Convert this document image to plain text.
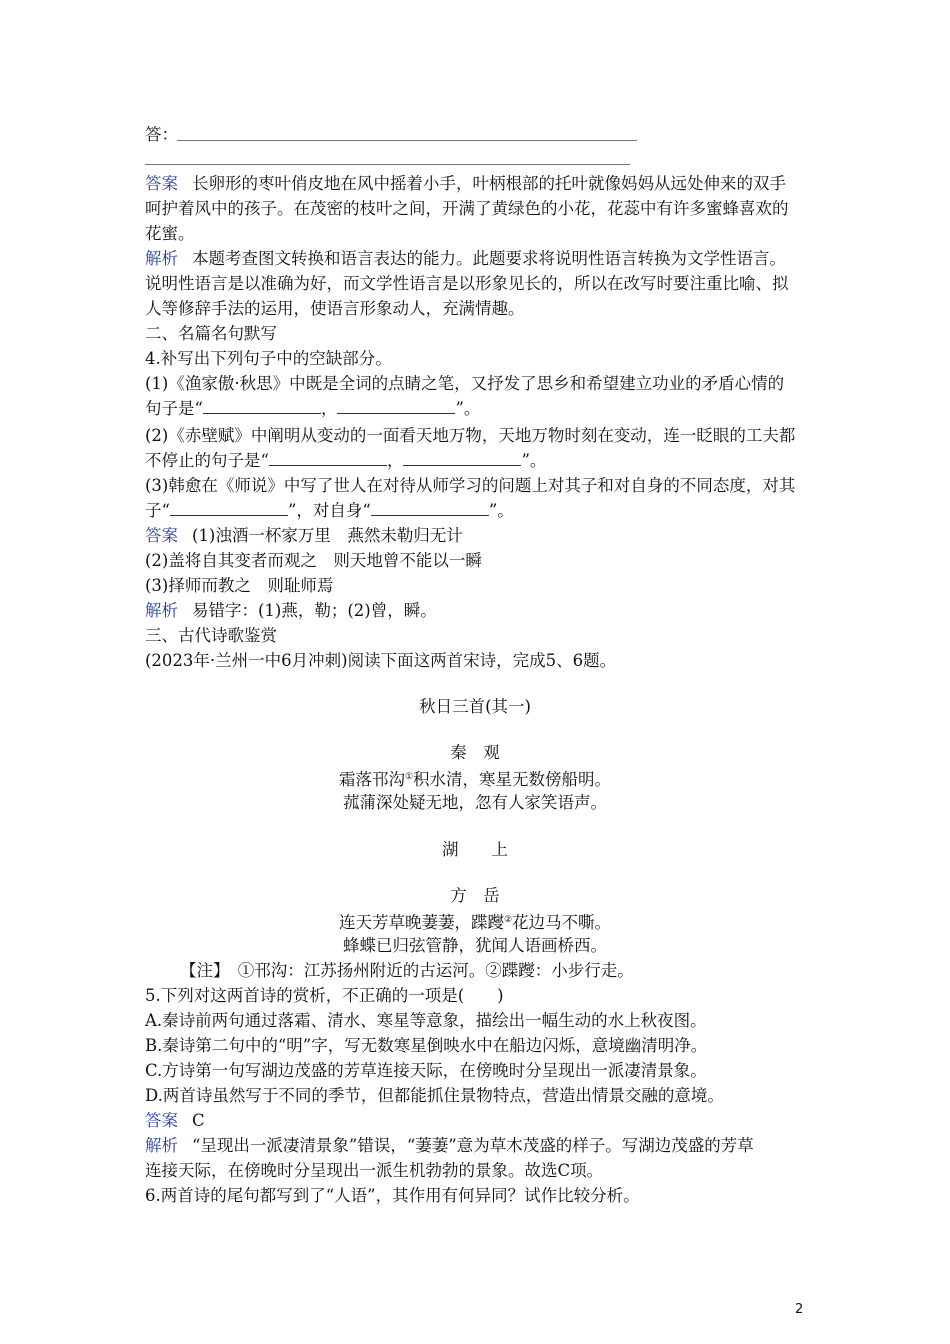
答：
答案 长卵形的枣叶俏皮地在风中摇着小手，叶柄根部的托叶就像妈妈从远处伸来的双手
呵护着风中的孩子。在茂密的枝叶之间，开满了黄绿色的小花，花蕊中有许多蜜蜂喜欢的
花蜜。
解析 本题考查图文转换和语言表达的能力。此题要求将说明性语言转换为文学性语言。
说明性语言是以准确为好，而文学性语言是以形象见长的，所以在改写时要注重比喻、拟
人等修辞手法的运用，使语言形象动人，充满情趣。
二、名篇名句默写
4.补写出下列句子中的空缺部分。
(1)《渔家傲·秋思》中既是全词的点睛之笔，又抒发了思乡和希望建立功业的矛盾心情的
句子是“	，	”。
(2)《赤壁赋》中阐明从变动的一面看天地万物，天地万物时刻在变动，连一眨眼的工夫都
不停止的句子是“	，	”。
(3)韩愈在《师说》中写了世人在对待从师学习的问题上对其子和对自身的不同态度，对其
子“	”，对自身“	”。
答案 (1)浊酒一杯家万里　燕然未勒归无计
(2)盖将自其变者而观之　则天地曾不能以一瞬
(3)择师而教之　则耻师焉
解析 易错字：(1)燕，勒；(2)曾，瞬。
三、古代诗歌鉴赏
(2023年·兰州一中6月冲刺)阅读下面这两首宋诗，完成5、6题。
秋日三首(其一)
秦　观
霜落邗沟①积水清，寒星无数傍船明。
菰蒲深处疑无地，忽有人家笑语声。
湖　　上
方　岳
连天芳草晚萋萋，蹀躞②花边马不嘶。
蜂蝶已归弦管静，犹闻人语画桥西。
【注】　①邗沟：江苏扬州附近的古运河。②蹀躞：小步行走。
5.下列对这两首诗的赏析，不正确的一项是(　　)
A.秦诗前两句通过落霜、清水、寒星等意象，描绘出一幅生动的水上秋夜图。
B.秦诗第二句中的“明”字，写无数寒星倒映水中在船边闪烁，意境幽清明净。
C.方诗第一句写湖边茂盛的芳草连接天际，在傍晚时分呈现出一派凄清景象。
D.两首诗虽然写于不同的季节，但都能抓住景物特点，营造出情景交融的意境。
答案 C
解析 “呈现出一派凄清景象”错误，“萋萋”意为草木茂盛的样子。写湖边茂盛的芳草
连接天际，在傍晚时分呈现出一派生机勃勃的景象。故选C项。
6.两首诗的尾句都写到了“人语”，其作用有何异同？试作比较分析。
2
